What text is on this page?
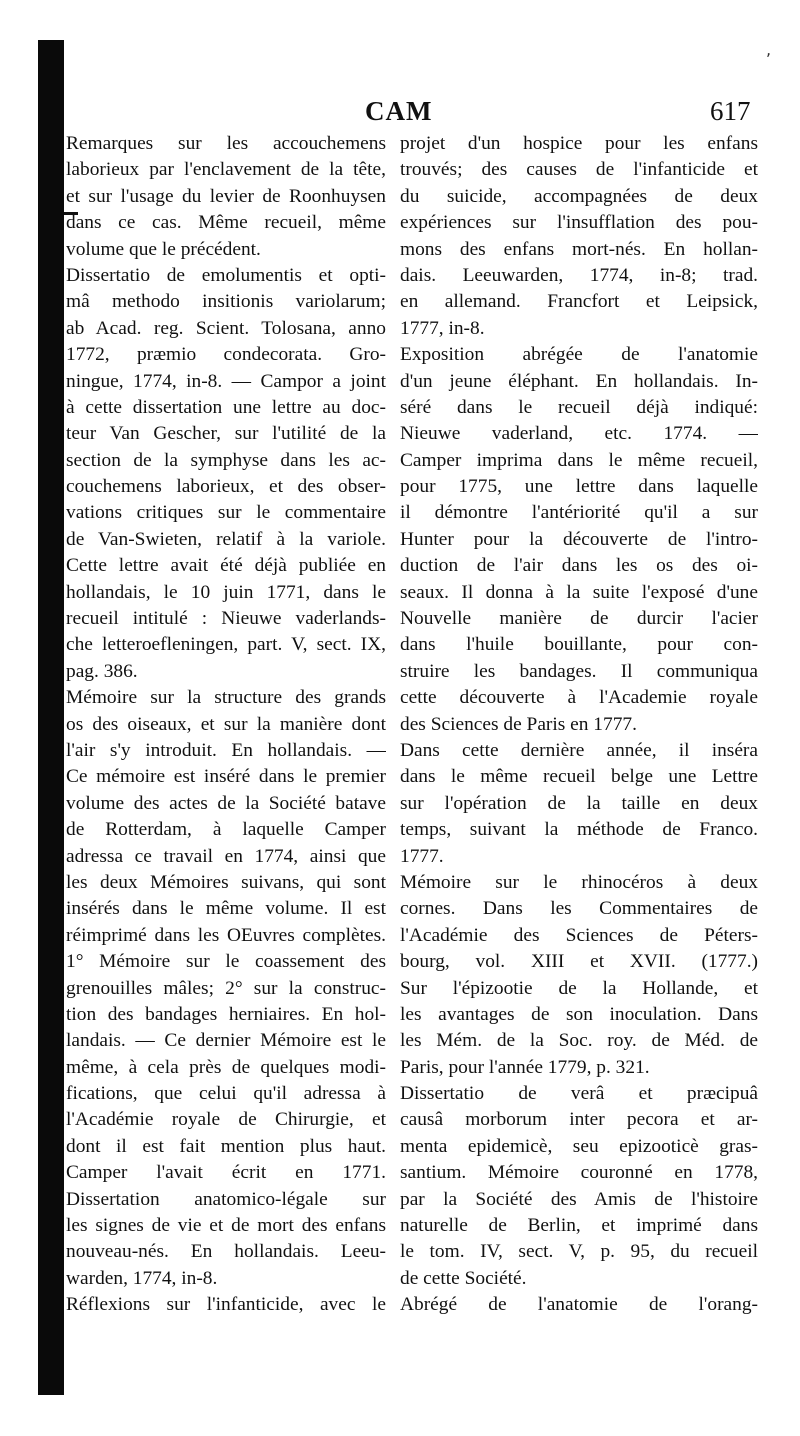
,
CAM	617
Remarques sur les accouchemens
laborieux par l'enclavement de la tête,
et sur l'usage du levier de Roonhuysen
dans ce cas. Même recueil, même
volume que le précédent.
Dissertatio de emolumentis et opti-
mâ methodo insitionis variolarum;
ab Acad. reg. Scient. Tolosana, anno
1772, præmio condecorata. Gro-
ningue, 1774, in-8. — Campor a joint
à cette dissertation une lettre au doc-
teur Van Gescher, sur l'utilité de la
section de la symphyse dans les ac-
couchemens laborieux, et des obser-
vations critiques sur le commentaire
de Van-Swieten, relatif à la variole.
Cette lettre avait été déjà publiée en
hollandais, le 10 juin 1771, dans le
recueil intitulé : Nieuwe vaderlands-
che letteroefleningen, part. V, sect. IX,
pag. 386.
Mémoire sur la structure des grands
os des oiseaux, et sur la manière dont
l'air s'y introduit. En hollandais. —
Ce mémoire est inséré dans le premier
volume des actes de la Société batave
de Rotterdam, à laquelle Camper
adressa ce travail en 1774, ainsi que
les deux Mémoires suivans, qui sont
insérés dans le même volume. Il est
réimprimé dans les OEuvres complètes.
1° Mémoire sur le coassement des
grenouilles mâles; 2° sur la construc-
tion des bandages herniaires. En hol-
landais. — Ce dernier Mémoire est le
même, à cela près de quelques modi-
fications, que celui qu'il adressa à
l'Académie royale de Chirurgie, et
dont il est fait mention plus haut.
Camper l'avait écrit en 1771.
Dissertation anatomico-légale sur
les signes de vie et de mort des enfans
nouveau-nés. En hollandais. Leeu-
warden, 1774, in-8.
Réflexions sur l'infanticide, avec le
projet d'un hospice pour les enfans
trouvés; des causes de l'infanticide et
du suicide, accompagnées de deux
expériences sur l'insufflation des pou-
mons des enfans mort-nés. En hollan-
dais. Leeuwarden, 1774, in-8; trad.
en allemand. Francfort et Leipsick,
1777, in-8.
Exposition abrégée de l'anatomie
d'un jeune éléphant. En hollandais. In-
séré dans le recueil déjà indiqué:
Nieuwe vaderland, etc. 1774. —
Camper imprima dans le même recueil,
pour 1775, une lettre dans laquelle
il démontre l'antériorité qu'il a sur
Hunter pour la découverte de l'intro-
duction de l'air dans les os des oi-
seaux. Il donna à la suite l'exposé d'une
Nouvelle manière de durcir l'acier
dans l'huile bouillante, pour con-
struire les bandages. Il communiqua
cette découverte à l'Academie royale
des Sciences de Paris en 1777.
Dans cette dernière année, il inséra
dans le même recueil belge une Lettre
sur l'opération de la taille en deux
temps, suivant la méthode de Franco.
1777.
Mémoire sur le rhinocéros à deux
cornes. Dans les Commentaires de
l'Académie des Sciences de Péters-
bourg, vol. XIII et XVII. (1777.)
Sur l'épizootie de la Hollande, et
les avantages de son inoculation. Dans
les Mém. de la Soc. roy. de Méd. de
Paris, pour l'année 1779, p. 321.
Dissertatio de verâ et præcipuâ
causâ morborum inter pecora et ar-
menta epidemicè, seu epizooticè gras-
santium. Mémoire couronné en 1778,
par la Société des Amis de l'histoire
naturelle de Berlin, et imprimé dans
le tom. IV, sect. V, p. 95, du recueil
de cette Société.
Abrégé de l'anatomie de l'orang-
